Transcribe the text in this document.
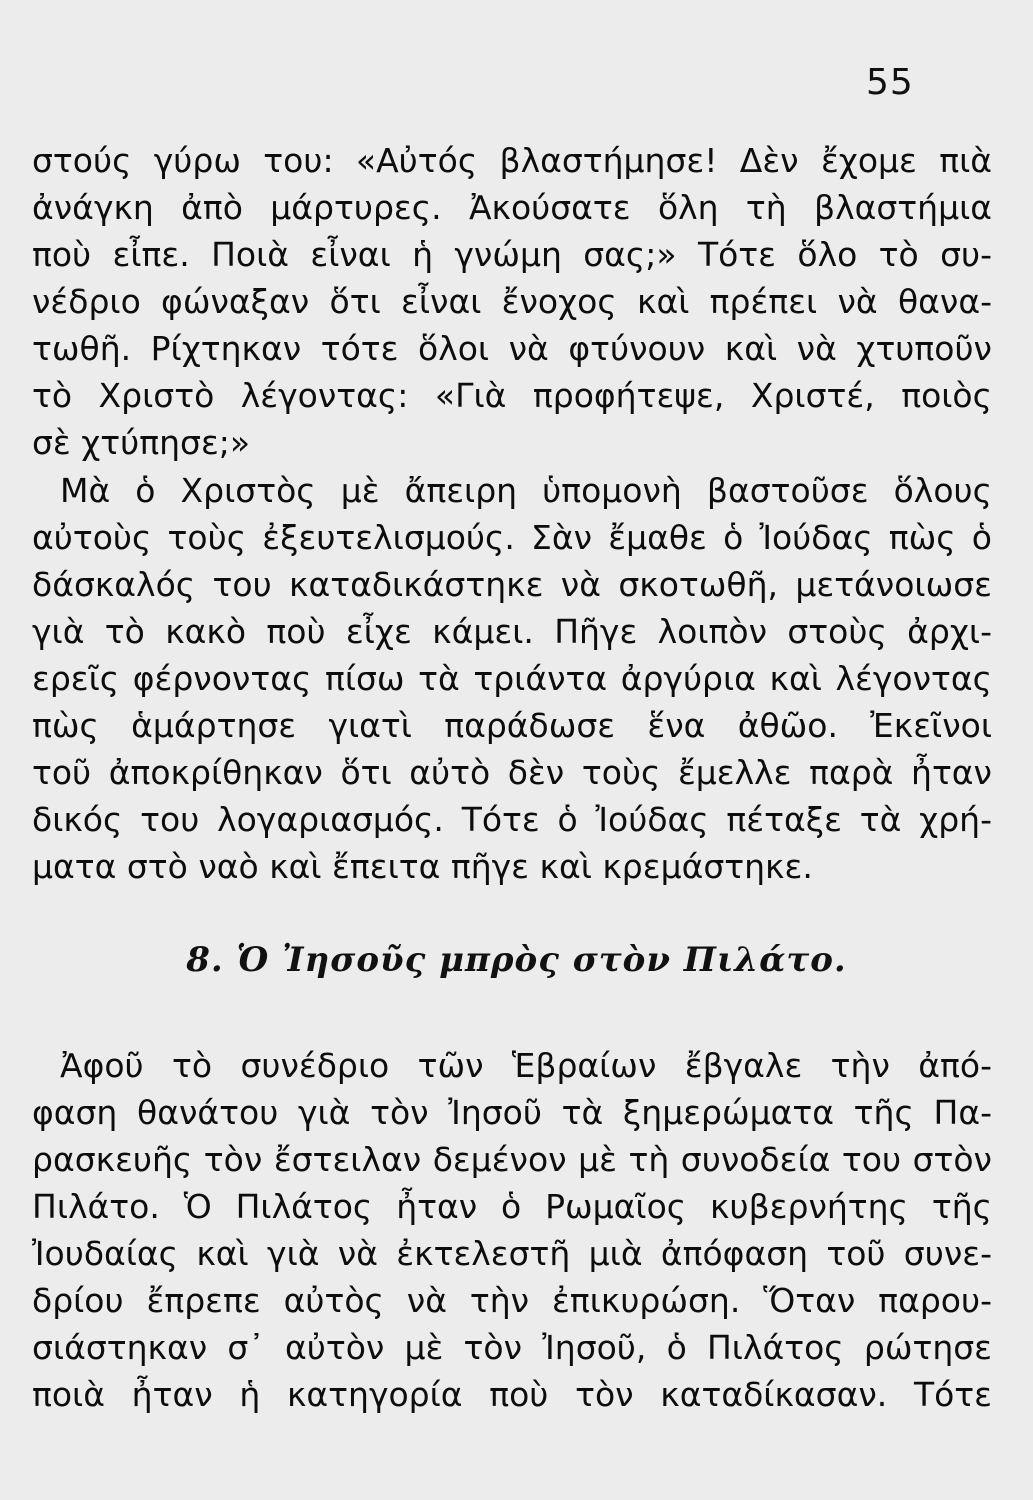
55
στούς γύρω του: «Αὐτός βλαστήμησε! Δὲν ἔχομε πιὰ
ἀνάγκη ἀπὸ μάρτυρες. Ἀκούσατε ὅλη τὴ βλαστήμια
ποὺ εἶπε. Ποιὰ εἶναι ἡ γνώμη σας;» Τότε ὅλο τὸ συ-
νέδριο φώναξαν ὅτι εἶναι ἔνοχος καὶ πρέπει νὰ θανα-
τωθῆ. Ρίχτηκαν τότε ὅλοι νὰ φτύνουν καὶ νὰ χτυποῦν
τὸ Χριστὸ λέγοντας: «Γιὰ προφήτεψε, Χριστέ, ποιὸς
σὲ χτύπησε;»
Μὰ ὁ Χριστὸς μὲ ἄπειρη ὑπομονὴ βαστοῦσε ὅλους
αὐτοὺς τοὺς ἐξευτελισμούς. Σὰν ἔμαθε ὁ Ἰούδας πὼς ὁ
δάσκαλός του καταδικάστηκε νὰ σκοτωθῆ, μετάνοιωσε
γιὰ τὸ κακὸ ποὺ εἶχε κάμει. Πῆγε λοιπὸν στοὺς ἀρχι-
ερεῖς φέρνοντας πίσω τὰ τριάντα ἀργύρια καὶ λέγοντας
πὼς ἁμάρτησε γιατὶ παράδωσε ἕνα ἀθῶο. Ἐκεῖνοι
τοῦ ἀποκρίθηκαν ὅτι αὐτὸ δὲν τοὺς ἔμελλε παρὰ ἦταν
δικός του λογαριασμός. Τότε ὁ Ἰούδας πέταξε τὰ χρή-
ματα στὸ ναὸ καὶ ἔπειτα πῆγε καὶ κρεμάστηκε.
8. Ὁ Ἰησοῦς μπρὸς στὸν Πιλάτο.
Ἀφοῦ τὸ συνέδριο τῶν Ἑβραίων ἔβγαλε τὴν ἀπό-
φαση θανάτου γιὰ τὸν Ἰησοῦ τὰ ξημερώματα τῆς Πα-
ρασκευῆς τὸν ἔστειλαν δεμένον μὲ τὴ συνοδεία του στὸν
Πιλάτο. Ὁ Πιλάτος ἦταν ὁ Ρωμαῖος κυβερνήτης τῆς
Ἰουδαίας καὶ γιὰ νὰ ἐκτελεστῆ μιὰ ἀπόφαση τοῦ συνε-
δρίου ἔπρεπε αὐτὸς νὰ τὴν ἐπικυρώση. Ὅταν παρου-
σιάστηκαν σ᾿ αὐτὸν μὲ τὸν Ἰησοῦ, ὁ Πιλάτος ρώτησε
ποιὰ ἦταν ἡ κατηγορία ποὺ τὸν καταδίκασαν. Τότε
